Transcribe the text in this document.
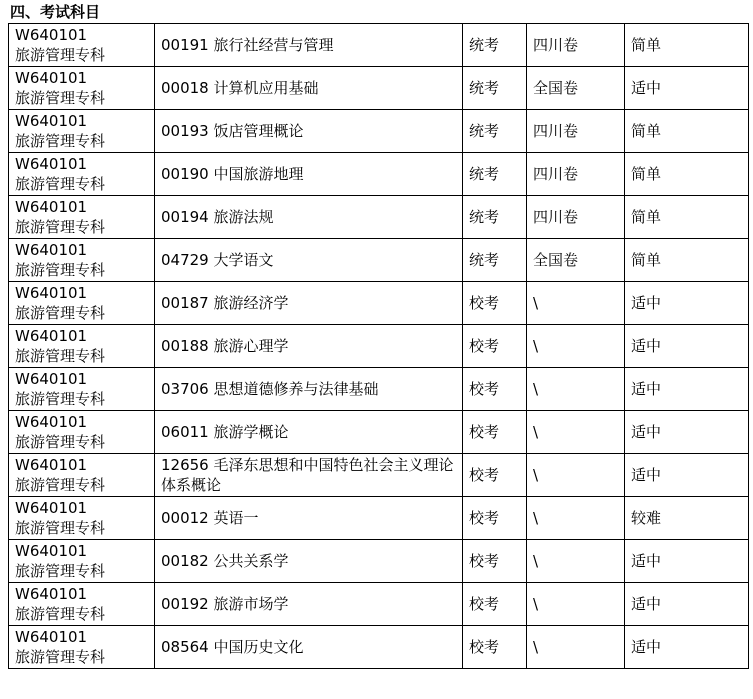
四、考试科目
W640101
旅游管理专科	00191 旅行社经营与管理	统考	四川卷	简单

W640101
旅游管理专科	00018 计算机应用基础	统考	全国卷	适中

W640101
旅游管理专科	00193 饭店管理概论	统考	四川卷	简单

W640101
旅游管理专科	00190 中国旅游地理	统考	四川卷	简单

W640101
旅游管理专科	00194 旅游法规	统考	四川卷	简单

W640101
旅游管理专科	04729 大学语文	统考	全国卷	简单

W640101
旅游管理专科	00187 旅游经济学	校考	\	适中

W640101
旅游管理专科	00188 旅游心理学	校考	\	适中

W640101
旅游管理专科	03706 思想道德修养与法律基础	校考	\	适中

W640101
旅游管理专科	06011 旅游学概论	校考	\	适中

W640101
旅游管理专科	12656 毛泽东思想和中国特色社会主义理论体系概论	校考	\	适中

W640101
旅游管理专科	00012 英语一	校考	\	较难

W640101
旅游管理专科	00182 公共关系学	校考	\	适中

W640101
旅游管理专科	00192 旅游市场学	校考	\	适中

W640101
旅游管理专科	08564 中国历史文化	校考	\	适中
